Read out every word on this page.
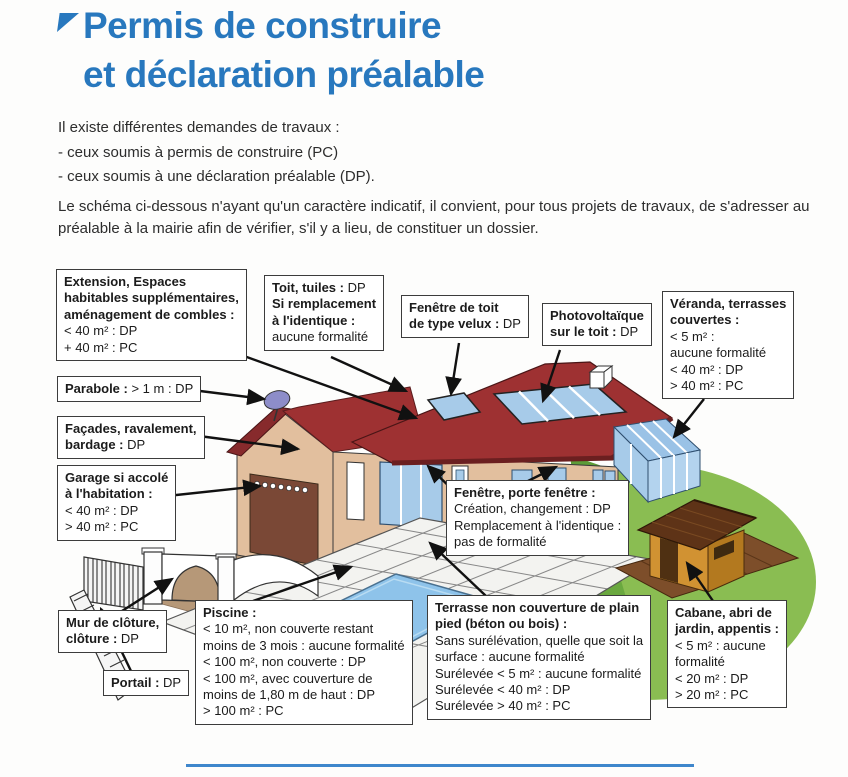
Permis de construire
et déclaration préalable
Il existe différentes demandes de travaux :
- ceux soumis à permis de construire (PC)
- ceux soumis à une déclaration préalable (DP).
Le schéma ci-dessous n'ayant qu'un caractère indicatif, il convient, pour tous projets de travaux, de s'adresser au préalable à la mairie afin de vérifier, s'il y a lieu, de constituer un dossier.
Extension, Espaces
habitables supplémentaires,
aménagement de combles :
< 40 m² : DP
+ 40 m² : PC
Toit, tuiles : DP
Si remplacement
à l'identique :
aucune formalité
Fenêtre de toit
de type velux : DP
Photovoltaïque
sur le toit : DP
Véranda, terrasses
couvertes :
< 5 m² :
aucune formalité
< 40 m² : DP
> 40 m² : PC
Parabole : > 1 m : DP
Façades, ravalement,
bardage : DP
Garage si accolé
à l'habitation :
< 40 m² : DP
> 40 m² : PC
Fenêtre, porte fenêtre :
Création, changement : DP
Remplacement à l'identique :
pas de formalité
Mur de clôture,
clôture : DP
Portail : DP
Piscine :
< 10 m², non couverte restant
moins de 3 mois : aucune formalité
< 100 m², non couverte : DP
< 100 m², avec couverture de
moins de 1,80 m de haut : DP
> 100 m² : PC
Terrasse non couverture de plain
pied (béton ou bois) :
Sans surélévation, quelle que soit la
surface : aucune formalité
Surélevée < 5 m² : aucune formalité
Surélevée < 40 m² : DP
Surélevée > 40 m² : PC
Cabane, abri de
jardin, appentis :
< 5 m² : aucune
formalité
< 20 m² : DP
> 20 m² : PC
